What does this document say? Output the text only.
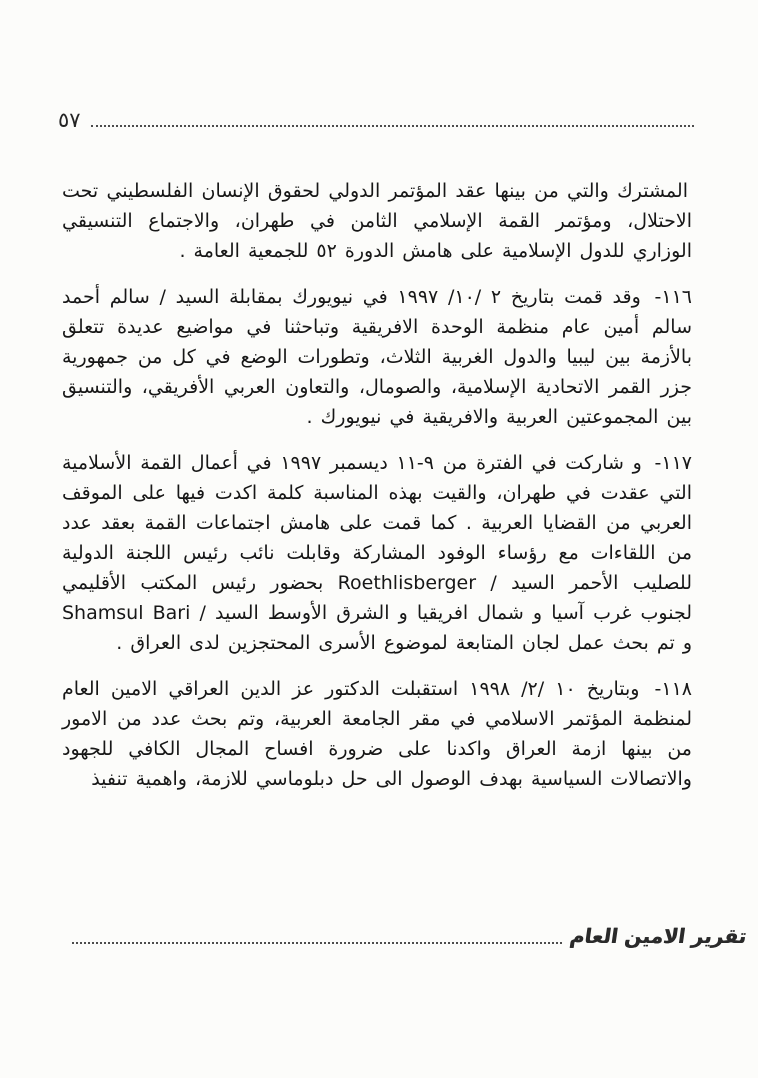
٥٧

المشترك والتي من بينها عقد المؤتمر الدولي لحقوق الإنسان الفلسطيني تحت الاحتلال، ومؤتمر القمة الإسلامي الثامن في طهران، والاجتماع التنسيقي الوزاري للدول الإسلامية على هامش الدورة ٥٢ للجمعية العامة .

١١٦- وقد قمت بتاريخ ٢ /١٠/ ١٩٩٧ في نيويورك بمقابلة السيد / سالم أحمد سالم أمين عام منظمة الوحدة الافريقية وتباحثنا في مواضيع عديدة تتعلق بالأزمة بين ليبيا والدول الغربية الثلاث، وتطورات الوضع في كل من جمهورية جزر القمر الاتحادية الإسلامية، والصومال، والتعاون العربي الأفريقي، والتنسيق بين المجموعتين العربية والافريقية في نيويورك .

١١٧- و شاركت في الفترة من ٩-١١ ديسمبر ١٩٩٧ في أعمال القمة الأسلامية التي عقدت في طهران، والقيت بهذه المناسبة كلمة اكدت فيها على الموقف العربي من القضايا العربية . كما قمت على هامش اجتماعات القمة بعقد عدد من اللقاءات مع رؤساء الوفود المشاركة وقابلت نائب رئيس اللجنة الدولية للصليب الأحمر السيد / Roethlisberger بحضور رئيس المكتب الأقليمي لجنوب غرب آسيا و شمال افريقيا و الشرق الأوسط السيد / Shamsul Bari و تم بحث عمل لجان المتابعة لموضوع الأسرى المحتجزين لدى العراق .

١١٨- وبتاريخ ١٠ /٢/ ١٩٩٨ استقبلت الدكتور عز الدين العراقي الامين العام لمنظمة المؤتمر الاسلامي في مقر الجامعة العربية، وتم بحث عدد من الامور من بينها ازمة العراق واكدنا على ضرورة افساح المجال الكافي للجهود والاتصالات السياسية بهدف الوصول الى حل دبلوماسي للازمة، واهمية تنفيذ

تقرير الامين العام
